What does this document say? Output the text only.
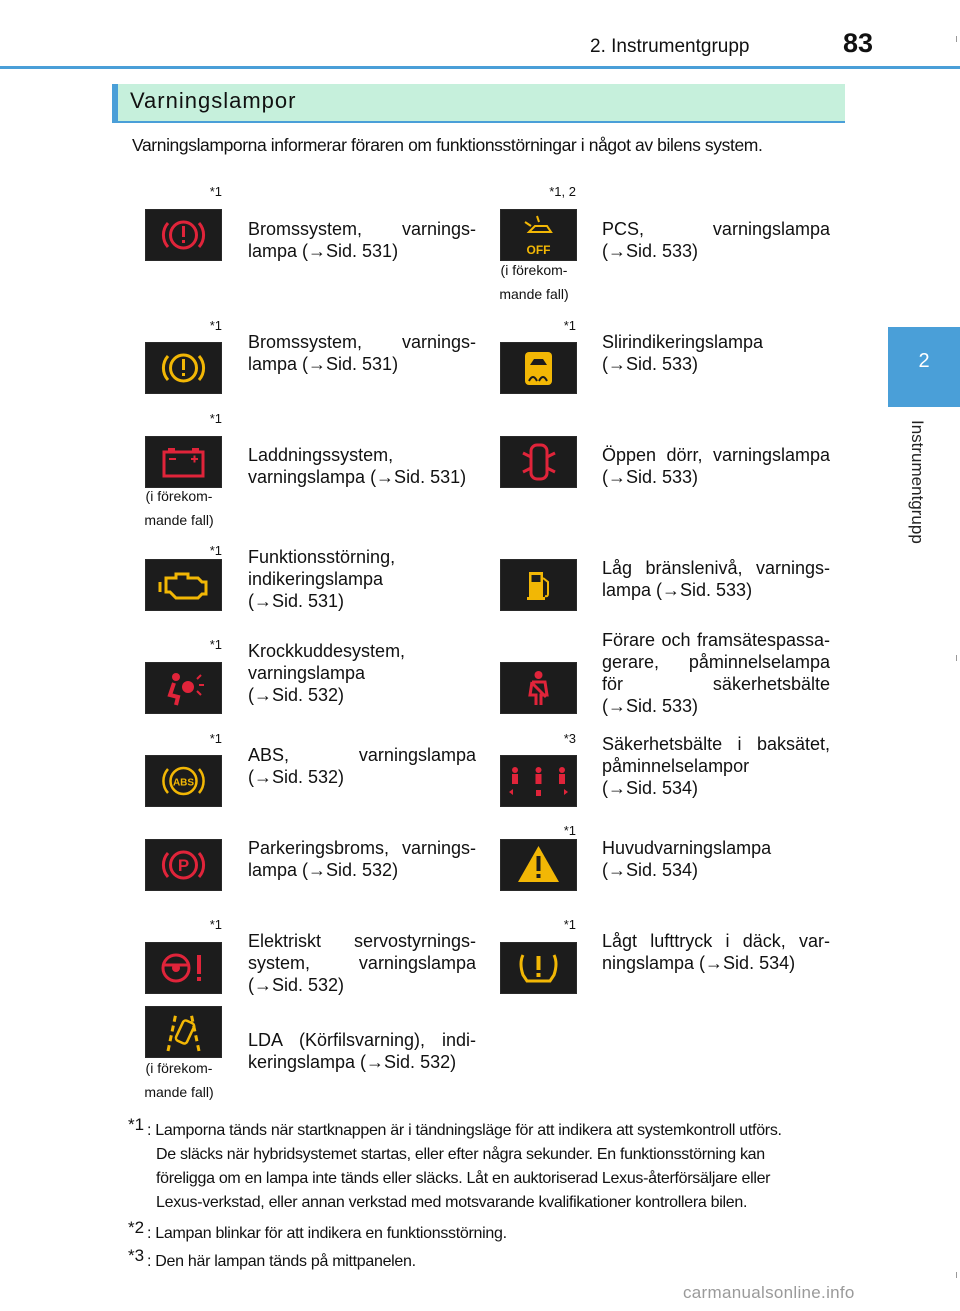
2. Instrumentgrupp	83
2
Instrumentgrupp
Varningslampor
Varningslamporna informerar föraren om funktionsstörningar i något av bilens system.
*1
Bromssystem, varnings-
lampa (→Sid. 531)	OFF
*1, 2
PCS, varningslampa
(→Sid. 533)
(i förekom-
mande fall)
*1
Bromssystem, varnings-
lampa (→Sid. 531)
*1
Slirindikeringslampa
(→Sid. 533)
*1
Laddningssystem,
varningslampa (→Sid. 531)
(i förekom-
mande fall)
Öppen dörr, varningslampa
(→Sid. 533)
*1 Funktionsstörning,
indikeringslampa
(→Sid. 531)
Låg bränslenivå, varnings-
lampa (→Sid. 533)
*1 Krockkuddesystem,
varningslampa
(→Sid. 532)
Förare och framsätespassa-
gerare, påminnelselampa
för säkerhetsbälte
(→Sid. 533)
ABS
*1
ABS, varningslampa
(→Sid. 532)
*3 Säkerhetsbälte i baksätet,
påminnelselampor
(→Sid. 534)
P
Parkeringsbroms, varnings-
lampa (→Sid. 532)
*1
Huvudvarningslampa
(→Sid. 534)
*1
Elektriskt servostyrnings-
system, varningslampa
(→Sid. 532)
*1
Lågt lufttryck i däck, var-
ningslampa (→Sid. 534)
LDA (Körfilsvarning), indi-
keringslampa (→Sid. 532)
(i förekom-
mande fall)
*1 : Lamporna tänds när startknappen är i tändningsläge för att indikera att systemkontroll utförs.
De släcks när hybridsystemet startas, eller efter några sekunder. En funktionsstörning kan
föreligga om en lampa inte tänds eller släcks. Låt en auktoriserad Lexus-återförsäljare eller
Lexus-verkstad, eller annan verkstad med motsvarande kvalifikationer kontrollera bilen.
*2 : Lampan blinkar för att indikera en funktionsstörning.
*3 : Den här lampan tänds på mittpanelen.
carmanualsonline.info
